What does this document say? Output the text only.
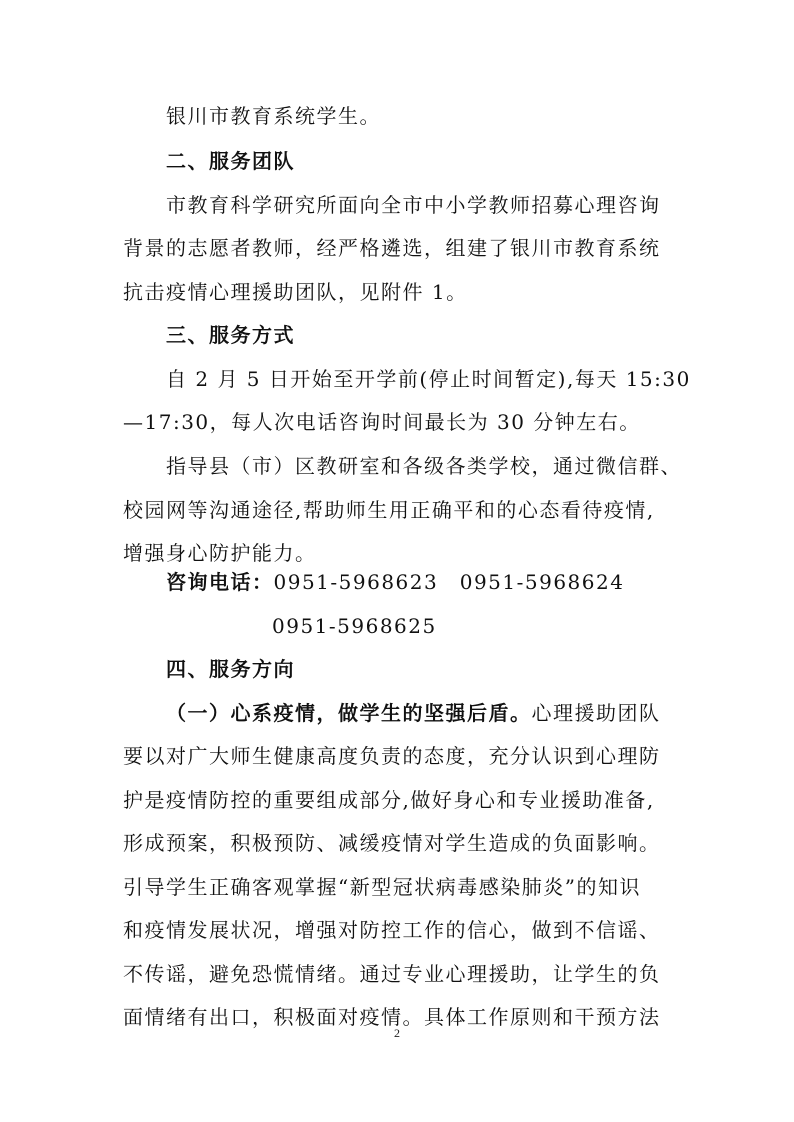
银川市教育系统学生。
二、服务团队
市教育科学研究所面向全市中小学教师招募心理咨询
背景的志愿者教师，经严格遴选，组建了银川市教育系统
抗击疫情心理援助团队，见附件 1。
三、服务方式
自 2 月 5 日开始至开学前(停止时间暂定),每天 15:30
—17:30，每人次电话咨询时间最长为 30 分钟左右。
指导县（市）区教研室和各级各类学校，通过微信群、
校园网等沟通途径,帮助师生用正确平和的心态看待疫情,
增强身心防护能力。
咨询电话：0951-5968623　0951-5968624
0951-5968625
四、服务方向
（一）心系疫情，做学生的坚强后盾。心理援助团队
要以对广大师生健康高度负责的态度，充分认识到心理防
护是疫情防控的重要组成部分,做好身心和专业援助准备,
形成预案，积极预防、减缓疫情对学生造成的负面影响。
引导学生正确客观掌握“新型冠状病毒感染肺炎”的知识
和疫情发展状况，增强对防控工作的信心，做到不信谣、
不传谣，避免恐慌情绪。通过专业心理援助，让学生的负
2
面情绪有出口，积极面对疫情。具体工作原则和干预方法
